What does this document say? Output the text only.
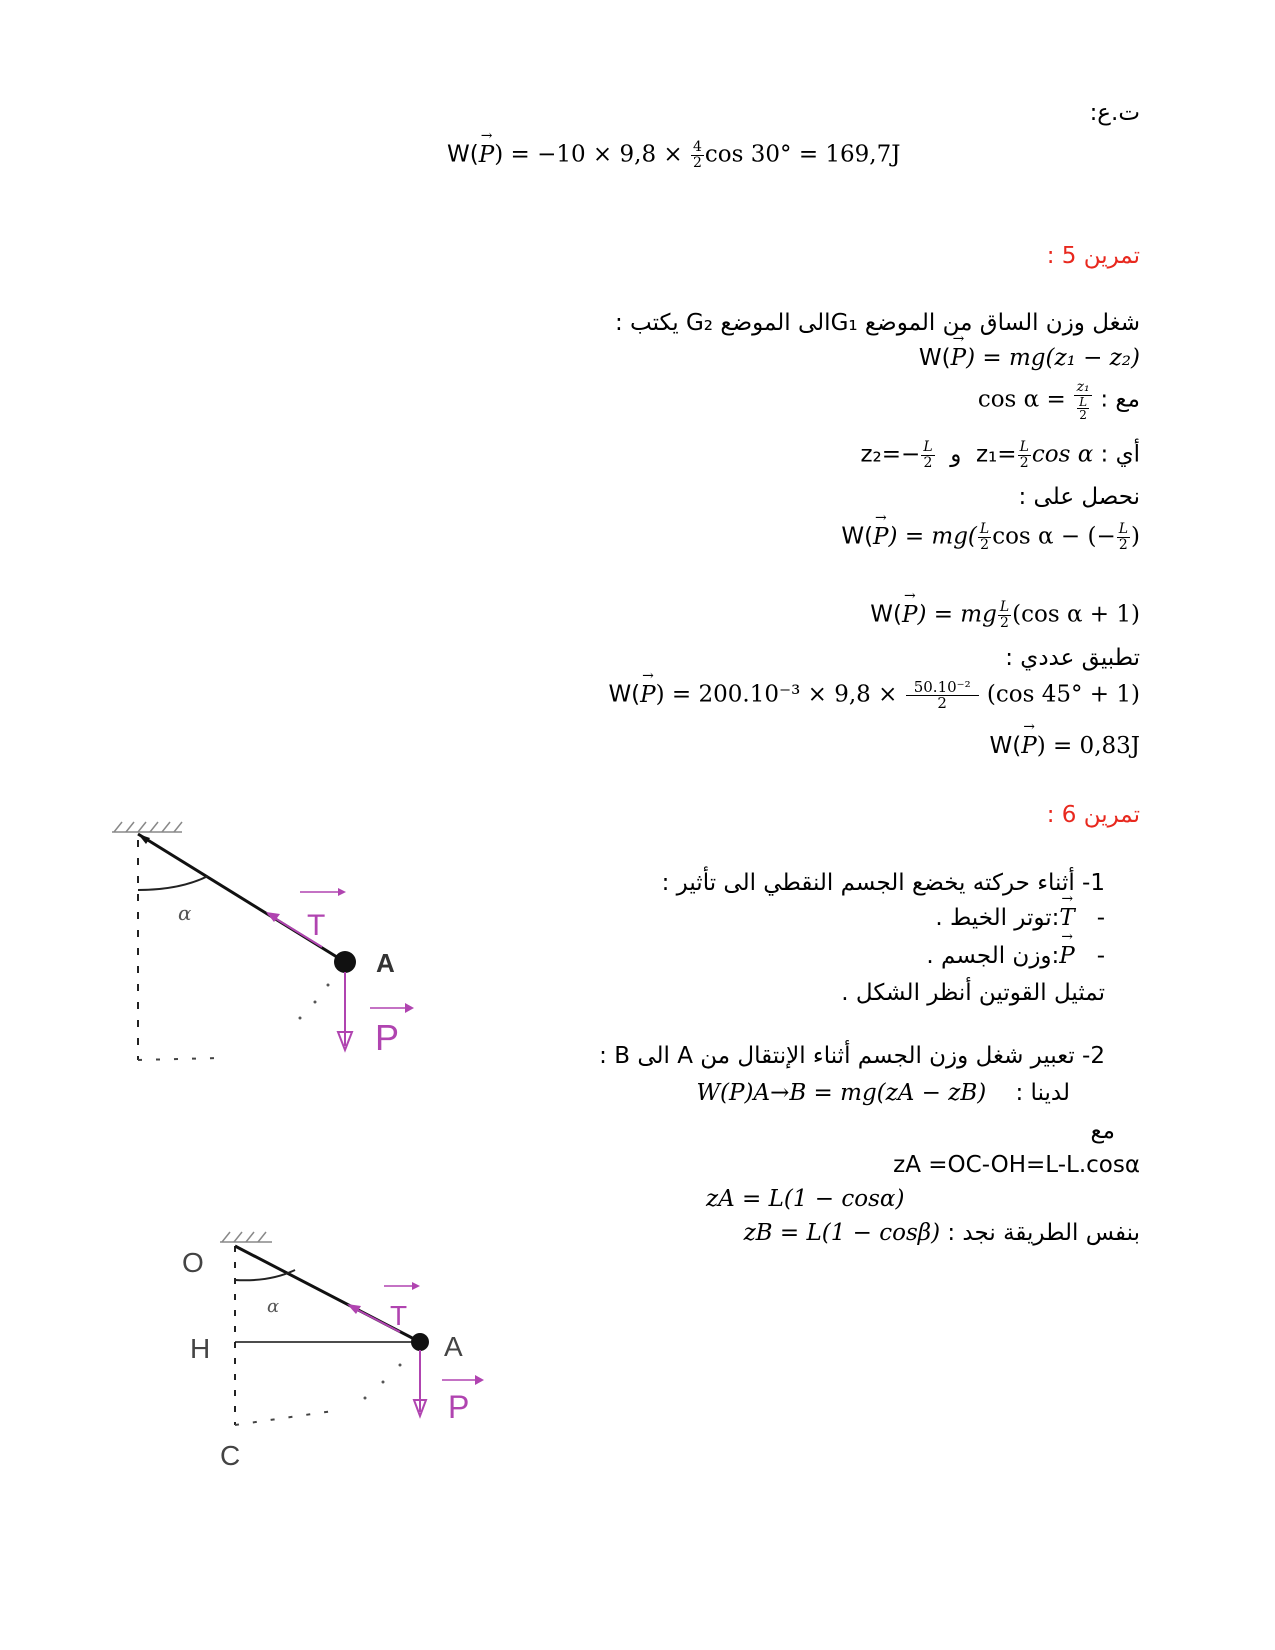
ت.ع:
$W(\to P) = -10 \times 9,8 \times \frac{4}{2}$ cos 30° = 169,7J
تمرين 5 :
شغل وزن الساق من الموضع G₁الى الموضع G₂ يكتب :
W(→ P) = mg(z₁ − z₂)
مع : $\cos \alpha = \frac{\text{z₁}}{\frac{L}{2}}$
أي : $z_2=- \frac{L}{2}$ و $z_1= \frac{L}{2}$ cos α
نحصل على :
$W(\to P) = mg( \frac{L}{2}$ cos α − (− $\frac{L}{2}$ )
W(→ P) = mg $\frac{L}{2} (\cos$ α + 1)
تطبيق عددي :
$W(\to P) = 200.10^{-3} \times 9,8 \times \frac{\text{50.10⁻²}}{2} (\cos$ 45° + 1)
W(→ P) = 0,83J
تمرين 6 :
1- أثناء حركته يخضع الجسم النقطي الى تأثير :
-   → T:توتر الخيط .
-   → P:وزن الجسم .
تمثيل القوتين أنظر الشكل .
2- تعبير شغل وزن الجسم أثناء الإنتقال من A الى B :
لدينا :    W(P)A→B = mg(zA − zB)
مع
zA =OC-OH=L-L.cosα
zA = L(1 − cosα)
بنفس الطريقة نجد : zB = L(1 − cosβ)
α	T
A
P
O
α
H
T
A
P
C
